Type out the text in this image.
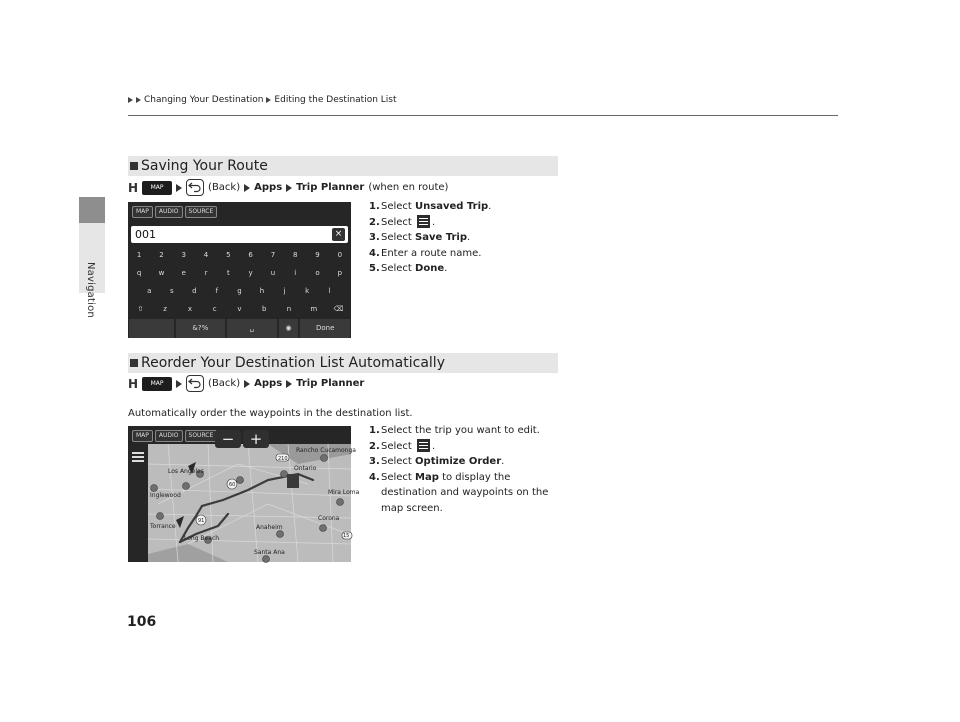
Navigation
Changing Your Destination Editing the Destination List
Saving Your Route
H	MAP	(Back) Apps Trip Planner (when en route)
MAP	AUDIO	SOURCE
001	×
1	2	3	4	5	6	7	8	9	0
q	w	e	r	t	y	u	i	o	p
a	s	d	f	g	h	j	k	l
⇧	z	x	c	v	b	n	m	⌫
&?%	␣	◉	Done
1. Select Unsaved Trip.
2. Select .
3. Select Save Trip.
4. Enter a route name.
5. Select Done.
Reorder Your Destination List Automatically
H	MAP	(Back) Apps Trip Planner
Automatically order the waypoints in the destination list.
MAP	AUDIO	SOURCE
Los Angeles
Inglewood
Torrance
Long Beach
Anaheim
Santa Ana
Ontario
Rancho Cucamonga
Corona
Mira Loma
210
60
91
15
−	+	1. Select the trip you want to edit.
2. Select .
3. Select Optimize Order.
4. Select Map to display the
destination and waypoints on the
map screen.
106
